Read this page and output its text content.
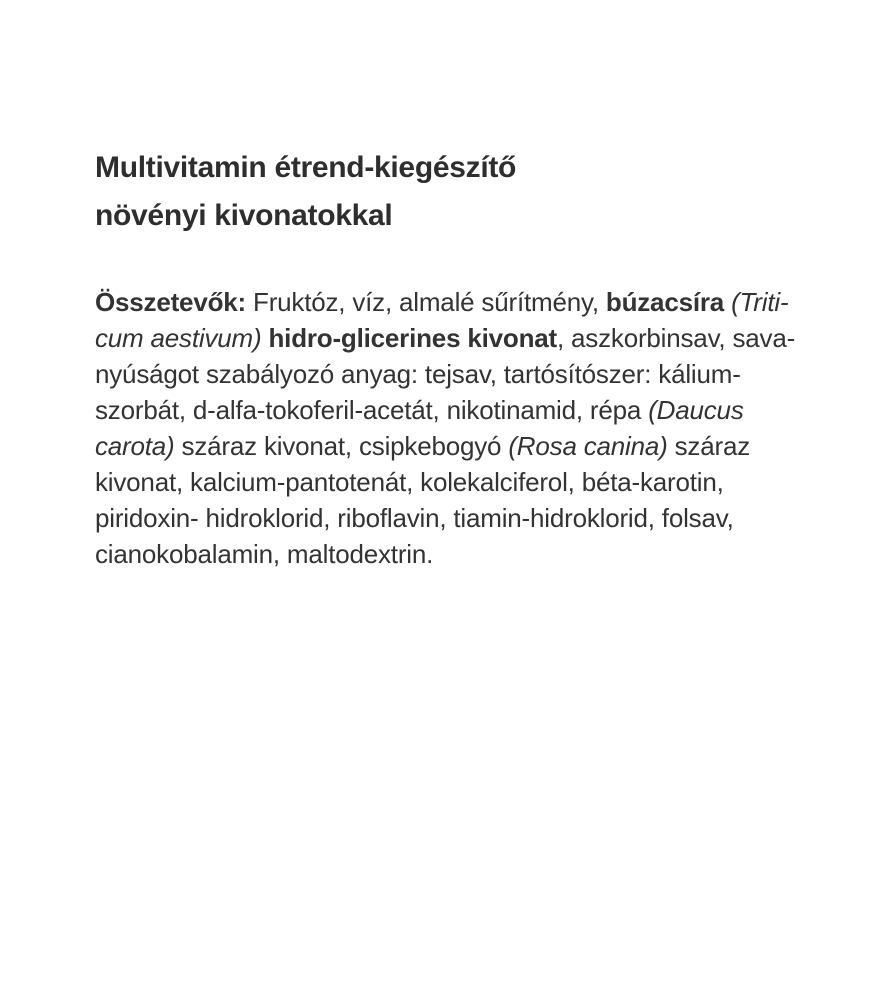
Multivitamin étrend-kiegészítő
növényi kivonatokkal
Összetevők: Fruktóz, víz, almalé sűrítmény, búzacsíra (Triti-
cum aestivum) hidro-glicerines kivonat, aszkorbinsav, sava-
nyúságot szabályozó anyag: tejsav, tartósítószer: kálium-
szorbát, d-alfa-tokoferil-acetát, nikotinamid, répa (Daucus
carota) száraz kivonat, csipkebogyó (Rosa canina) száraz
kivonat, kalcium-pantotenát, kolekalciferol, béta-karotin,
piridoxin- hidroklorid, riboflavin, tiamin-hidroklorid, folsav,
cianokobalamin, maltodextrin.
